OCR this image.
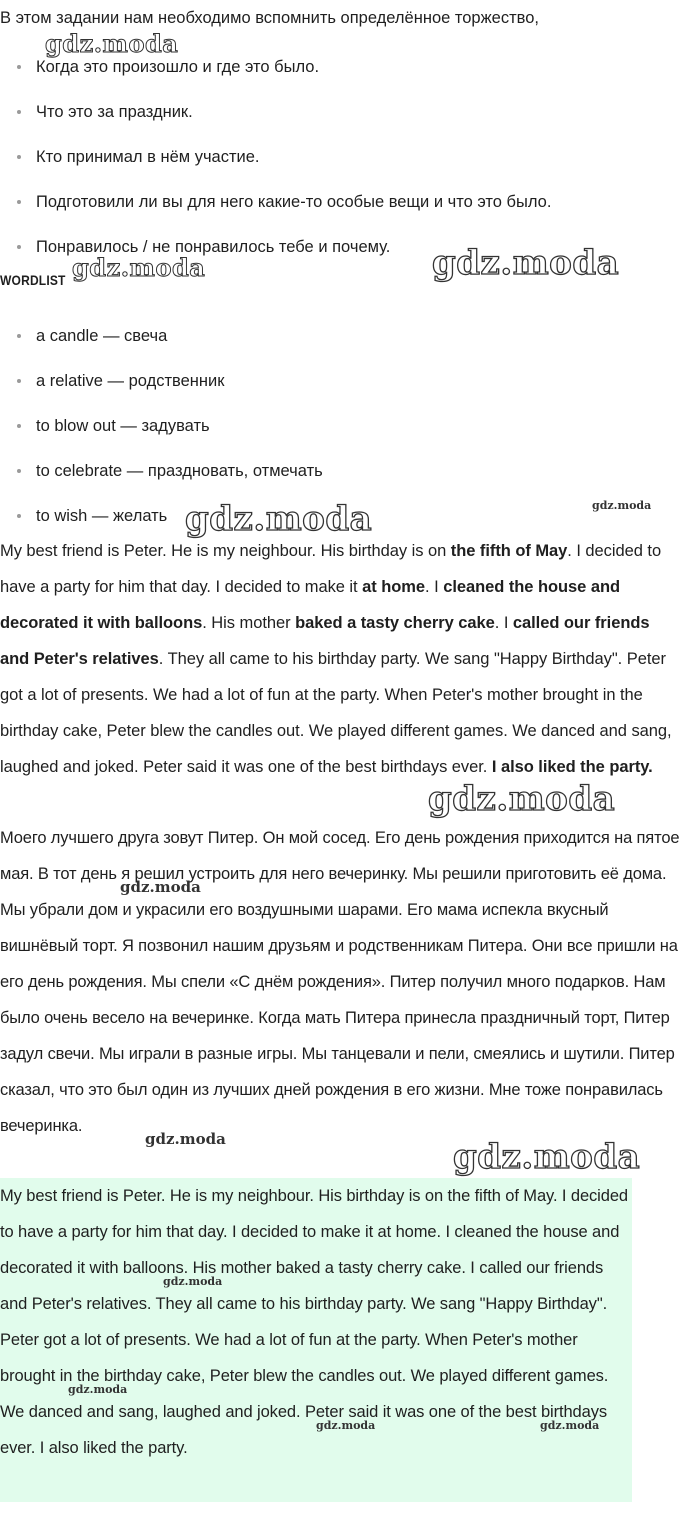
В этом задании нам необходимо вспомнить определённое торжество,

Когда это произошло и где это было.
Что это за праздник.
Кто принимал в нём участие.
Подготовили ли вы для него какие-то особые вещи и что это было.
Понравилось / не понравилось тебе и почему.
WORDLIST
a candle — свеча
a relative — родственник
to blow out — задувать
to celebrate — праздновать, отмечать
to wish — желать

My best friend is Peter. He is my neighbour. His birthday is on the fifth of May. I decided to have a party for him that day. I decided to make it at home. I cleaned the house and decorated it with balloons. His mother baked a tasty cherry cake. I called our friends and Peter's relatives. They all came to his birthday party. We sang "Happy Birthday". Peter got a lot of presents. We had a lot of fun at the party. When Peter's mother brought in the birthday cake, Peter blew the candles out. We played different games. We danced and sang, laughed and joked. Peter said it was one of the best birthdays ever. I also liked the party.

Моего лучшего друга зовут Питер. Он мой сосед. Его день рождения приходится на пятое мая. В тот день я решил устроить для него вечеринку. Мы решили приготовить её дома. Мы убрали дом и украсили его воздушными шарами. Его мама испекла вкусный вишнёвый торт. Я позвонил нашим друзьям и родственникам Питера. Они все пришли на его день рождения. Мы спели «С днём рождения». Питер получил много подарков. Нам было очень весело на вечеринке. Когда мать Питера принесла праздничный торт, Питер задул свечи. Мы играли в разные игры. Мы танцевали и пели, смеялись и шутили. Питер сказал, что это был один из лучших дней рождения в его жизни. Мне тоже понравилась вечеринка.

My best friend is Peter. He is my neighbour. His birthday is on the fifth of May. I decided to have a party for him that day. I decided to make it at home. I cleaned the house and decorated it with balloons. His mother baked a tasty cherry cake. I called our friends and Peter's relatives. They all came to his birthday party. We sang "Happy Birthday". Peter got a lot of presents. We had a lot of fun at the party. When Peter's mother brought in the birthday cake, Peter blew the candles out. We played different games. We danced and sang, laughed and joked. Peter said it was one of the best birthdays ever. I also liked the party.

gdz.moda
gdz.moda	gdz.moda
gdz.moda	gdz.moda
gdz.moda
gdz.moda
gdz.moda	gdz.moda
gdz.moda
gdz.moda
gdz.moda	gdz.moda
